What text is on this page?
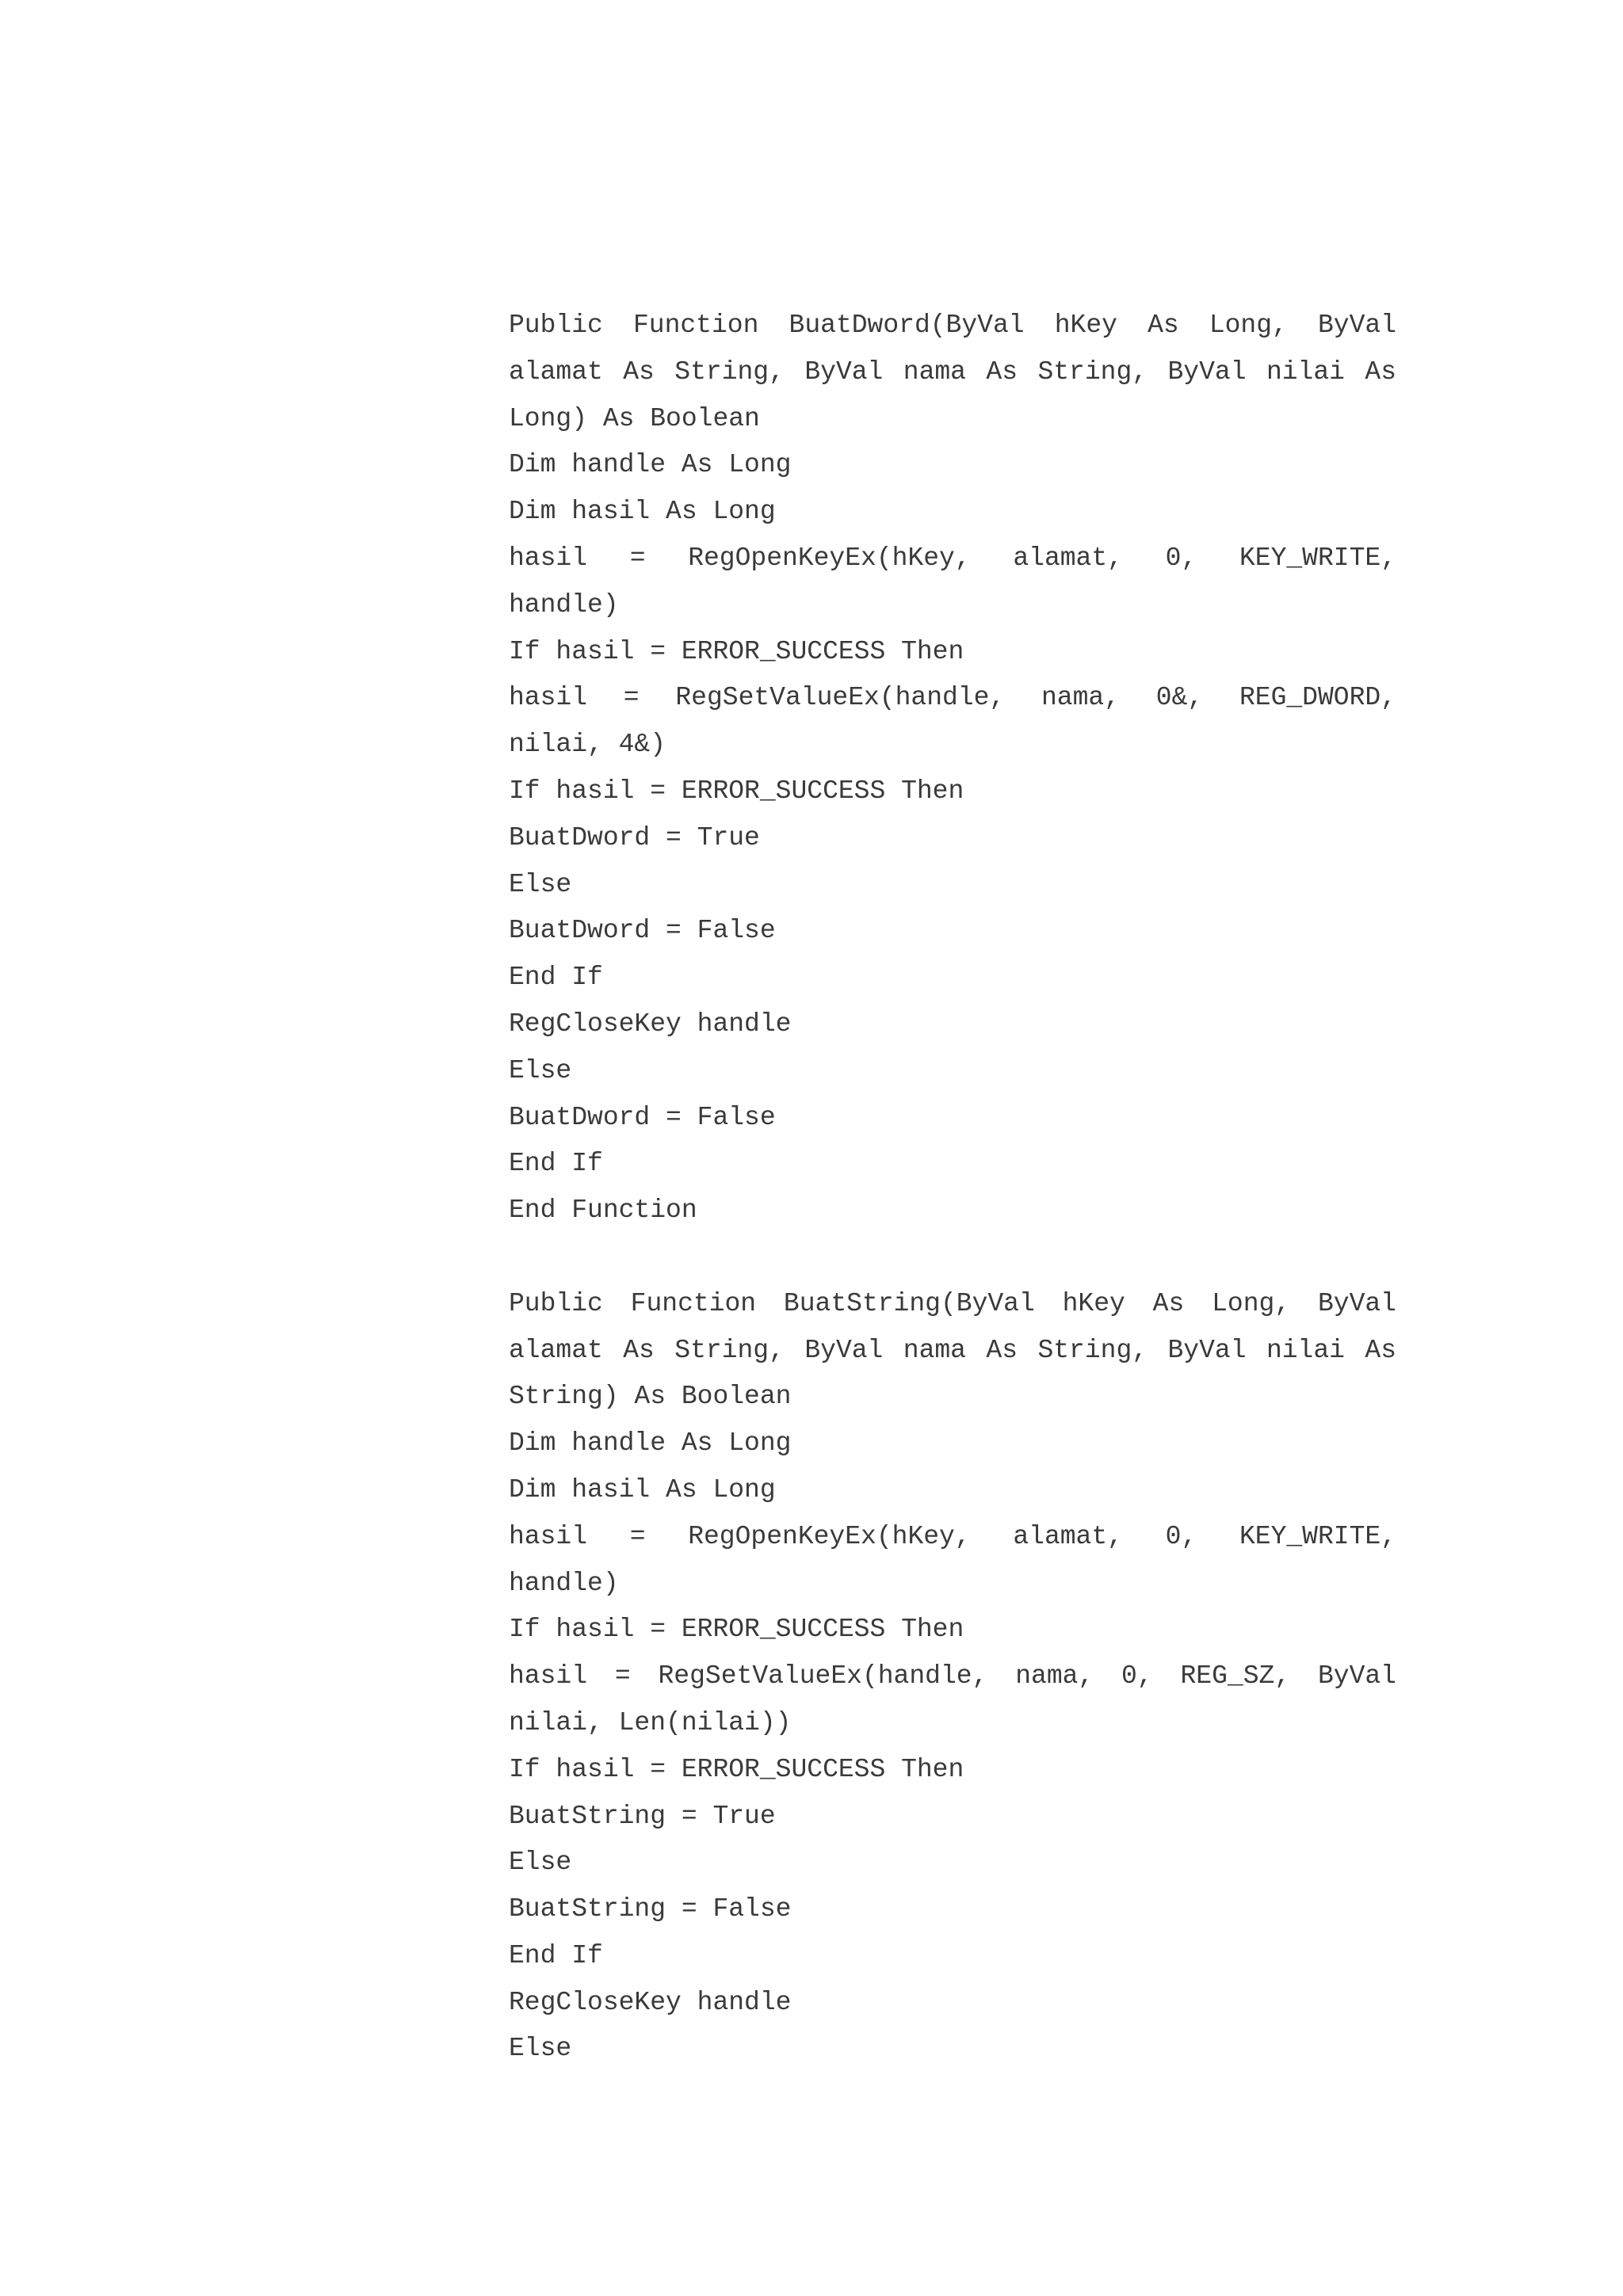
Public Function BuatDword(ByVal hKey As Long, ByVal

alamat As String, ByVal nama As String, ByVal nilai As

Long) As Boolean

Dim handle As Long

Dim hasil As Long

hasil = RegOpenKeyEx(hKey, alamat, 0, KEY_WRITE,

handle)

If hasil = ERROR_SUCCESS Then

hasil = RegSetValueEx(handle, nama, 0&, REG_DWORD,

nilai, 4&)

If hasil = ERROR_SUCCESS Then

BuatDword = True

Else

BuatDword = False

End If

RegCloseKey handle

Else

BuatDword = False

End If

End Function

Public Function BuatString(ByVal hKey As Long, ByVal

alamat As String, ByVal nama As String, ByVal nilai As

String) As Boolean

Dim handle As Long

Dim hasil As Long

hasil = RegOpenKeyEx(hKey, alamat, 0, KEY_WRITE,

handle)

If hasil = ERROR_SUCCESS Then

hasil = RegSetValueEx(handle, nama, 0, REG_SZ, ByVal

nilai, Len(nilai))

If hasil = ERROR_SUCCESS Then

BuatString = True

Else

BuatString = False

End If

RegCloseKey handle

Else
